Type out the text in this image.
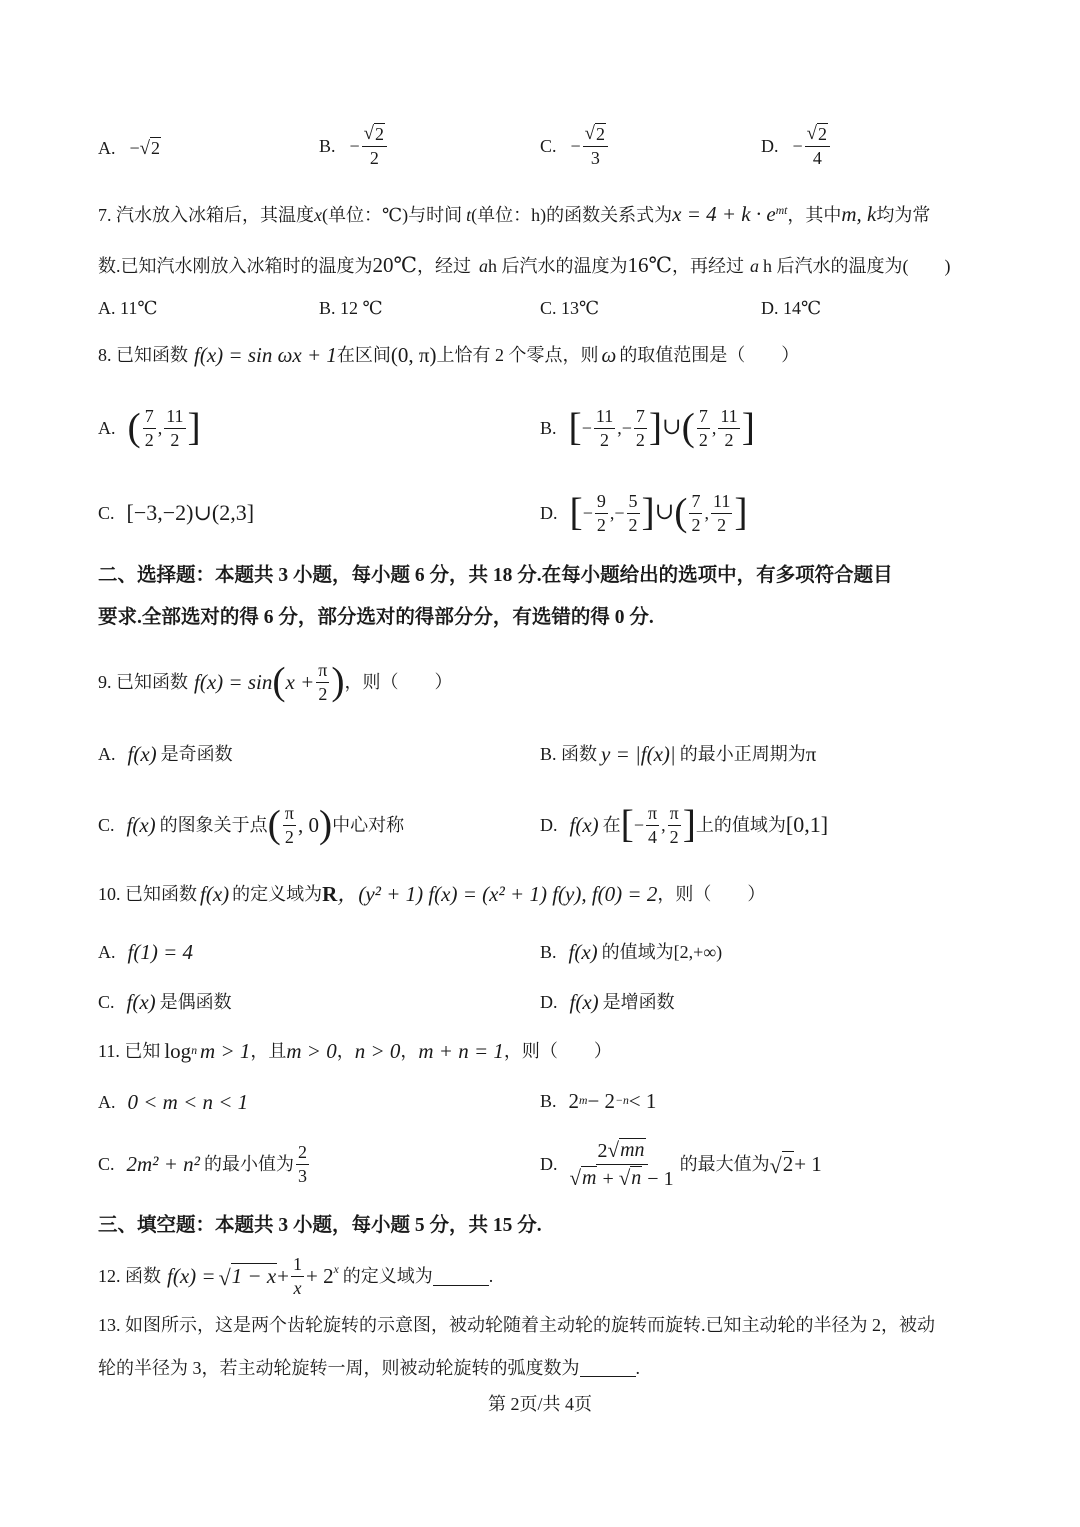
A. − √ 2	B. − $\frac{√ 2}{2}$	C. − $\frac{√ 2}{3}$	D. − $\frac{√ 2}{4}$
7. 汽水放入冰箱后，其温度x(单位：℃)与时间 t(单位：h)的函数关系式为$x = 4 + k \cdot e^{mt}$，其中m, k均为常
数.已知汽水刚放入冰箱时的温度为20℃，经过 ah 后汽水的温度为16℃，再经过 a h 后汽水的温度为(　　)
A. 11℃	B. 12 ℃	C. 13℃	D. 14℃
8. 已知函数 f(x) = sin ωx + 1 在区间 (0, π) 上恰有 2 个零点，则 ω 的取值范围是（　　）
A. ( $\frac{7}{2}$ , $\frac{11}{2}$ ]	B. [ − $\frac{11}{2}$ , − $\frac{7}{2}$ ] ∪ ( $\frac{7}{2}$ , $\frac{11}{2}$ ]
C. [−3,−2)∪(2,3]	D. [ − $\frac{9}{2}$ , − $\frac{5}{2}$ ] ∪ ( $\frac{7}{2}$ , $\frac{11}{2}$ ]
二、选择题：本题共 3 小题，每小题 6 分，共 18 分.在每小题给出的选项中，有多项符合题目
要求.全部选对的得 6 分，部分选对的得部分分，有选错的得 0 分.
9. 已知函数 f(x) = sin ( $x + \frac{\pi}{2}$ ) ，则（　　）
A. f(x) 是奇函数	B. 函数 y = |f(x)| 的最小正周期为 π
C. f(x) 的图象关于点 ( $\frac{\pi}{2}$ , 0 ) 中心对称	D. f(x) 在 [ − $\frac{\pi}{4}$ , $\frac{\pi}{2}$ ] 上的值域为 [0,1]
10. 已知函数 f(x) 的定义域为 R ，(y² + 1) f(x) = (x² + 1) f(y), f(0) = 2 ，则（　　）
A. f(1) = 4	B. f(x) 的值域为[2,+∞)
C. f(x) 是偶函数	D. f(x) 是增函数
11. 已知 log n m > 1 ，且 m > 0 ， n > 0 ， m + n = 1 ，则（　　）
A. 0 < m < n < 1	B. 2 m − 2 −n < 1
C. 2m² + n² 的最小值为 $\frac{2}{3}$	D. $\frac{2 √ mn}{√ m + √ n - 1}$ 的最大值为 √ 2 + 1
三、填空题：本题共 3 小题，每小题 5 分，共 15 分.
12. 函数 f(x) = √ $1 - x + \frac{1}{x} + 2^x$ 的定义域为	.
13. 如图所示，这是两个齿轮旋转的示意图，被动轮随着主动轮的旋转而旋转.已知主动轮的半径为 2，被动
轮的半径为 3，若主动轮旋转一周，则被动轮旋转的弧度数为	.
第 2页/共 4页
